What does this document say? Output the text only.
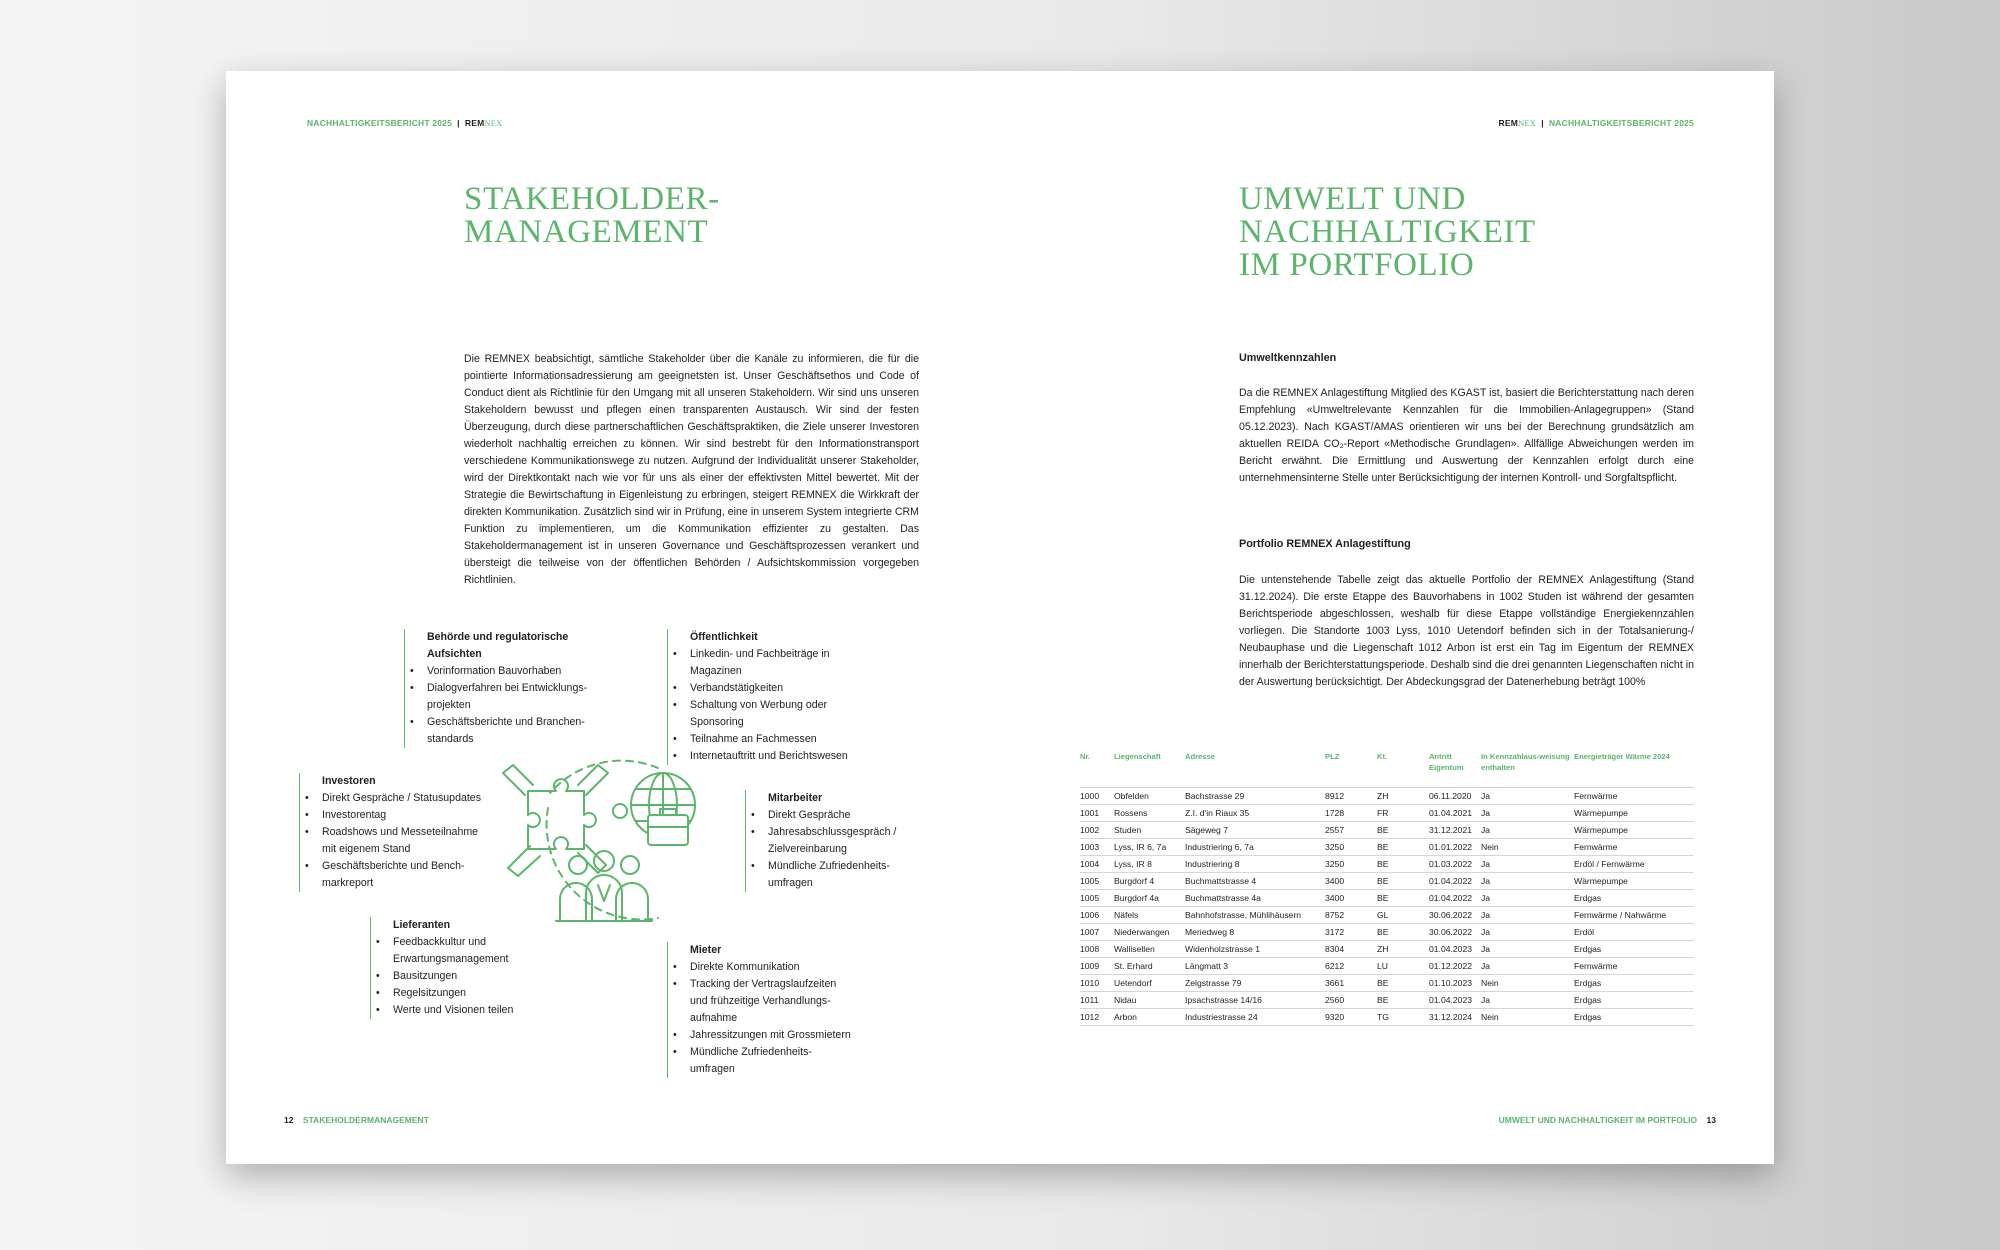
NACHHALTIGKEITSBERICHT 2025 | REMNEX
STAKEHOLDER-
MANAGEMENT
Die REMNEX beabsichtigt, sämtliche Stakeholder über die Kanäle zu informieren, die für die pointierte Informationsadressierung am geeignetsten ist. Unser Geschäftsethos und Code of Conduct dient als Richtlinie für den Umgang mit all unseren Stakeholdern. Wir sind uns unseren Stakeholdern bewusst und pflegen einen transparenten Austausch. Wir sind der festen Überzeugung, durch diese partnerschaftlichen Geschäftspraktiken, die Ziele unserer Investoren wiederholt nachhaltig erreichen zu können. Wir sind bestrebt für den Informationstransport verschiedene Kommunikationswege zu nutzen. Aufgrund der Individualität unserer Stakeholder, wird der Direktkontakt nach wie vor für uns als einer der effektivsten Mittel bewertet. Mit der Strategie die Bewirtschaftung in Eigenleistung zu erbringen, steigert REMNEX die Wirkkraft der direkten Kommunikation. Zusätzlich sind wir in Prüfung, eine in unserem System integrierte CRM Funktion zu implementieren, um die Kommunikation effizienter zu gestalten. Das Stakeholdermanagement ist in unseren Governance und Geschäftsprozessen verankert und übersteigt die teilweise von der öffentlichen Behörden / Aufsichtskommission vorgegeben Richtlinien.
Behörde und regulatorische
Aufsichten
• Vorinformation Bauvorhaben
• Dialogverfahren bei Entwicklungs-
projekten
• Geschäftsberichte und Branchen-
standards
Öffentlichkeit
• Linkedin- und Fachbeiträge in
Magazinen
• Verbandstätigkeiten
• Schaltung von Werbung oder
Sponsoring
• Teilnahme an Fachmessen
• Internetauftritt und Berichtswesen
Investoren
• Direkt Gespräche / Statusupdates
• Investorentag
• Roadshows und Messeteilnahme
mit eigenem Stand
• Geschäftsberichte und Bench-
markreport
Mitarbeiter
• Direkt Gespräche
• Jahresabschlussgespräch /
Zielvereinbarung
• Mündliche Zufriedenheits-
umfragen
Lieferanten
• Feedbackkultur und
Erwartungsmanagement
• Bausitzungen
• Regelsitzungen
• Werte und Visionen teilen
Mieter
• Direkte Kommunikation
• Tracking der Vertragslaufzeiten
und frühzeitige Verhandlungs-
aufnahme
• Jahressitzungen mit Grossmietern
• Mündliche Zufriedenheits-
umfragen
12 STAKEHOLDERMANAGEMENT
REMNEX | NACHHALTIGKEITSBERICHT 2025
UMWELT UND
NACHHALTIGKEIT
IM PORTFOLIO
Umweltkennzahlen
Da die REMNEX Anlagestiftung Mitglied des KGAST ist, basiert die Berichterstattung nach deren Empfehlung «Umweltrelevante Kennzahlen für die Immobilien-Anlagegruppen» (Stand 05.12.2023). Nach KGAST/AMAS orientieren wir uns bei der Berechnung grundsätzlich am aktuellen REIDA CO₂-Report «Methodische Grundlagen». Allfällige Abweichungen werden im Bericht erwähnt. Die Ermittlung und Auswertung der Kennzahlen erfolgt durch eine unternehmensinterne Stelle unter Berücksichtigung der internen Kontroll- und Sorgfaltspflicht.
Portfolio REMNEX Anlagestiftung
Die untenstehende Tabelle zeigt das aktuelle Portfolio der REMNEX Anlagestiftung (Stand 31.12.2024). Die erste Etappe des Bauvorhabens in 1002 Studen ist während der gesamten Berichtsperiode abgeschlossen, weshalb für diese Etappe vollständige Energiekennzahlen vorliegen. Die Standorte 1003 Lyss, 1010 Uetendorf befinden sich in der Totalsanierung-/ Neubauphase und die Liegenschaft 1012 Arbon ist erst ein Tag im Eigentum der REMNEX innerhalb der Berichterstattungsperiode. Deshalb sind die drei genannten Liegenschaften nicht in der Auswertung berücksichtigt. Der Abdeckungsgrad der Datenerhebung beträgt 100%
Nr.	Liegenschaft	Adresse	PLZ	Kt.	Antritt Eigentum	In Kennzahlaus-weisung enthalten	Energieträger Wärme 2024
1000	Obfelden	Bachstrasse 29	8912	ZH	06.11.2020	Ja	Fernwärme
1001	Rossens	Z.I. d'in Riaux 35	1728	FR	01.04.2021	Ja	Wärmepumpe
1002	Studen	Sägeweg 7	2557	BE	31.12.2021	Ja	Wärmepumpe
1003	Lyss, IR 6, 7a	Industriering 6, 7a	3250	BE	01.01.2022	Nein	Fernwärme
1004	Lyss, IR 8	Industriering 8	3250	BE	01.03.2022	Ja	Erdöl / Fernwärme
1005	Burgdorf 4	Buchmattstrasse 4	3400	BE	01.04.2022	Ja	Wärmepumpe
1005	Burgdorf 4a	Buchmattstrasse 4a	3400	BE	01.04.2022	Ja	Erdgas
1006	Näfels	Bahnhofstrasse, Mühlihäusern	8752	GL	30.06.2022	Ja	Fernwärme / Nahwärme
1007	Niederwangen	Meriedweg 8	3172	BE	30.06.2022	Ja	Erdöl
1008	Wallisellen	Widenholzstrasse 1	8304	ZH	01.04.2023	Ja	Erdgas
1009	St. Erhard	Längmatt 3	6212	LU	01.12.2022	Ja	Fernwärme
1010	Uetendorf	Zelgstrasse 79	3661	BE	01.10.2023	Nein	Erdgas
1011	Nidau	Ipsachstrasse 14/16	2560	BE	01.04.2023	Ja	Erdgas
1012	Arbon	Industriestrasse 24	9320	TG	31.12.2024	Nein	Erdgas
UMWELT UND NACHHALTIGKEIT IM PORTFOLIO 13
